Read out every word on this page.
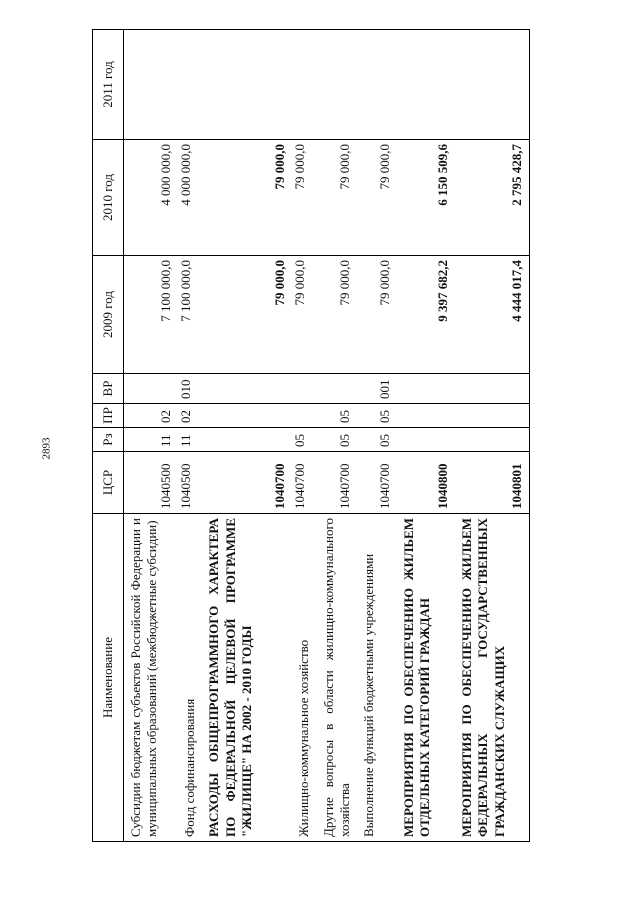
2893
Наименование	ЦСР	Рз	ПР	ВР	2009 год	2010 год	2011 год
Субсидии бюджетам субъектов Российской Федерации и муниципальных образований (межбюджетные субсидии)	1040500	11	02		7 100 000,0	4 000 000,0	
Фонд софинансирования	1040500	11	02	010	7 100 000,0	4 000 000,0	
РАСХОДЫ ОБЩЕПРОГРАММНОГО ХАРАКТЕРА ПО ФЕДЕРАЛЬНОЙ ЦЕЛЕВОЙ ПРОГРАММЕ "ЖИЛИЩЕ" НА 2002 - 2010 ГОДЫ	1040700				79 000,0	79 000,0	
Жилищно-коммунальное хозяйство	1040700	05			79 000,0	79 000,0	
Другие вопросы в области жилищно-коммунального хозяйства	1040700	05	05		79 000,0	79 000,0	
Выполнение функций бюджетными учреждениями	1040700	05	05	001	79 000,0	79 000,0	
МЕРОПРИЯТИЯ ПО ОБЕСПЕЧЕНИЮ ЖИЛЬЕМ ОТДЕЛЬНЫХ КАТЕГОРИЙ ГРАЖДАН	1040800				9 397 682,2	6 150 509,6	
МЕРОПРИЯТИЯ ПО ОБЕСПЕЧЕНИЮ ЖИЛЬЕМ ФЕДЕРАЛЬНЫХ ГОСУДАРСТВЕННЫХ ГРАЖДАНСКИХ СЛУЖАЩИХ	1040801				4 444 017,4	2 795 428,7	
